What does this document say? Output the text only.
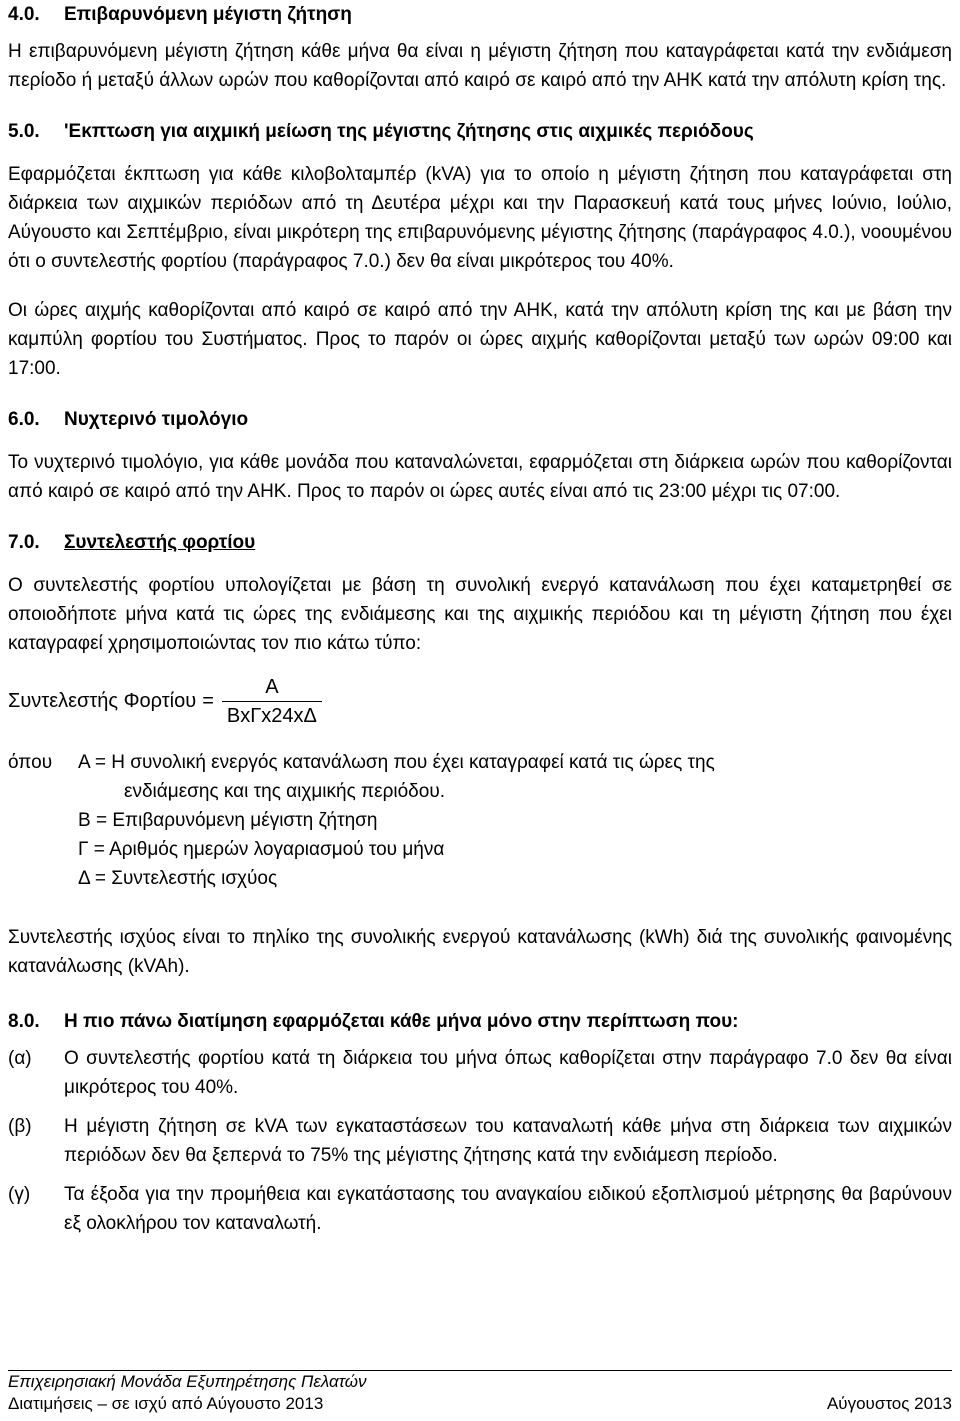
4.0.	Επιβαρυνόμενη μέγιστη ζήτηση

Η επιβαρυνόμενη μέγιστη ζήτηση κάθε μήνα θα είναι η μέγιστη ζήτηση που καταγράφεται κατά την ενδιάμεση περίοδο ή μεταξύ άλλων ωρών που καθορίζονται από καιρό σε καιρό από την ΑΗΚ κατά την απόλυτη κρίση της.

5.0.	'Εκπτωση για αιχμική μείωση της μέγιστης ζήτησης στις αιχμικές περιόδους

Εφαρμόζεται έκπτωση για κάθε κιλοβολταμπέρ (kVA) για το οποίο η μέγιστη ζήτηση που καταγράφεται στη διάρκεια των αιχμικών περιόδων από τη Δευτέρα μέχρι και την Παρασκευή κατά τους μήνες Ιούνιο, Ιούλιο, Αύγουστο και Σεπτέμβριο, είναι μικρότερη της επιβαρυνόμενης μέγιστης ζήτησης (παράγραφος 4.0.), νοουμένου ότι ο συντελεστής φορτίου (παράγραφος 7.0.) δεν θα είναι μικρότερος του 40%.

Οι ώρες αιχμής καθορίζονται από καιρό σε καιρό από την ΑΗΚ, κατά την απόλυτη κρίση της και με βάση την καμπύλη φορτίου του Συστήματος. Προς το παρόν οι ώρες αιχμής καθορίζονται μεταξύ των ωρών 09:00 και 17:00.

6.0.	Νυχτερινό τιμολόγιο

Το νυχτερινό τιμολόγιο, για κάθε μονάδα που καταναλώνεται, εφαρμόζεται στη διάρκεια ωρών που καθορίζονται από καιρό σε καιρό από την ΑΗΚ. Προς το παρόν οι ώρες αυτές είναι από τις 23:00 μέχρι τις 07:00.

7.0.	Συντελεστής φορτίου

Ο συντελεστής φορτίου υπολογίζεται με βάση τη συνολική ενεργό κατανάλωση που έχει καταμετρηθεί σε οποιοδήποτε μήνα κατά τις ώρες της ενδιάμεσης και της αιχμικής περιόδου και τη μέγιστη ζήτηση που έχει καταγραφεί χρησιμοποιώντας τον πιο κάτω τύπο:

Συντελεστής $\Phi o\rho\tau ίo\upsilon = \frac{A}{\text{BxΓx24xΔ}}$
όπου	A = Η συνολική ενεργός κατανάλωση που έχει καταγραφεί κατά τις ώρες της
ενδιάμεσης και της αιχμικής περιόδου.
B = Επιβαρυνόμενη μέγιστη ζήτηση
Γ = Αριθμός ημερών λογαριασμού του μήνα
Δ = Συντελεστής ισχύος

Συντελεστής ισχύος είναι το πηλίκο της συνολικής ενεργού κατανάλωσης (kWh) διά της συνολικής φαινομένης κατανάλωσης (kVAh).

8.0.	Η πιο πάνω διατίμηση εφαρμόζεται κάθε μήνα μόνο στην περίπτωση που:
(α)	Ο συντελεστής φορτίου κατά τη διάρκεια του μήνα όπως καθορίζεται στην παράγραφο 7.0 δεν θα είναι μικρότερος του 40%.
(β)	Η μέγιστη ζήτηση σε kVA των εγκαταστάσεων του καταναλωτή κάθε μήνα στη διάρκεια των αιχμικών περιόδων δεν θα ξεπερνά το 75% της μέγιστης ζήτησης κατά την ενδιάμεση περίοδο.
(γ)	Τα έξοδα για την προμήθεια και εγκατάστασης του αναγκαίου ειδικού εξοπλισμού μέτρησης θα βαρύνουν εξ ολοκλήρου τον καταναλωτή.
Επιχειρησιακή Μονάδα Εξυπηρέτησης Πελατών
Διατιμήσεις – σε ισχύ από Αύγουστο 2013	Αύγουστος 2013
